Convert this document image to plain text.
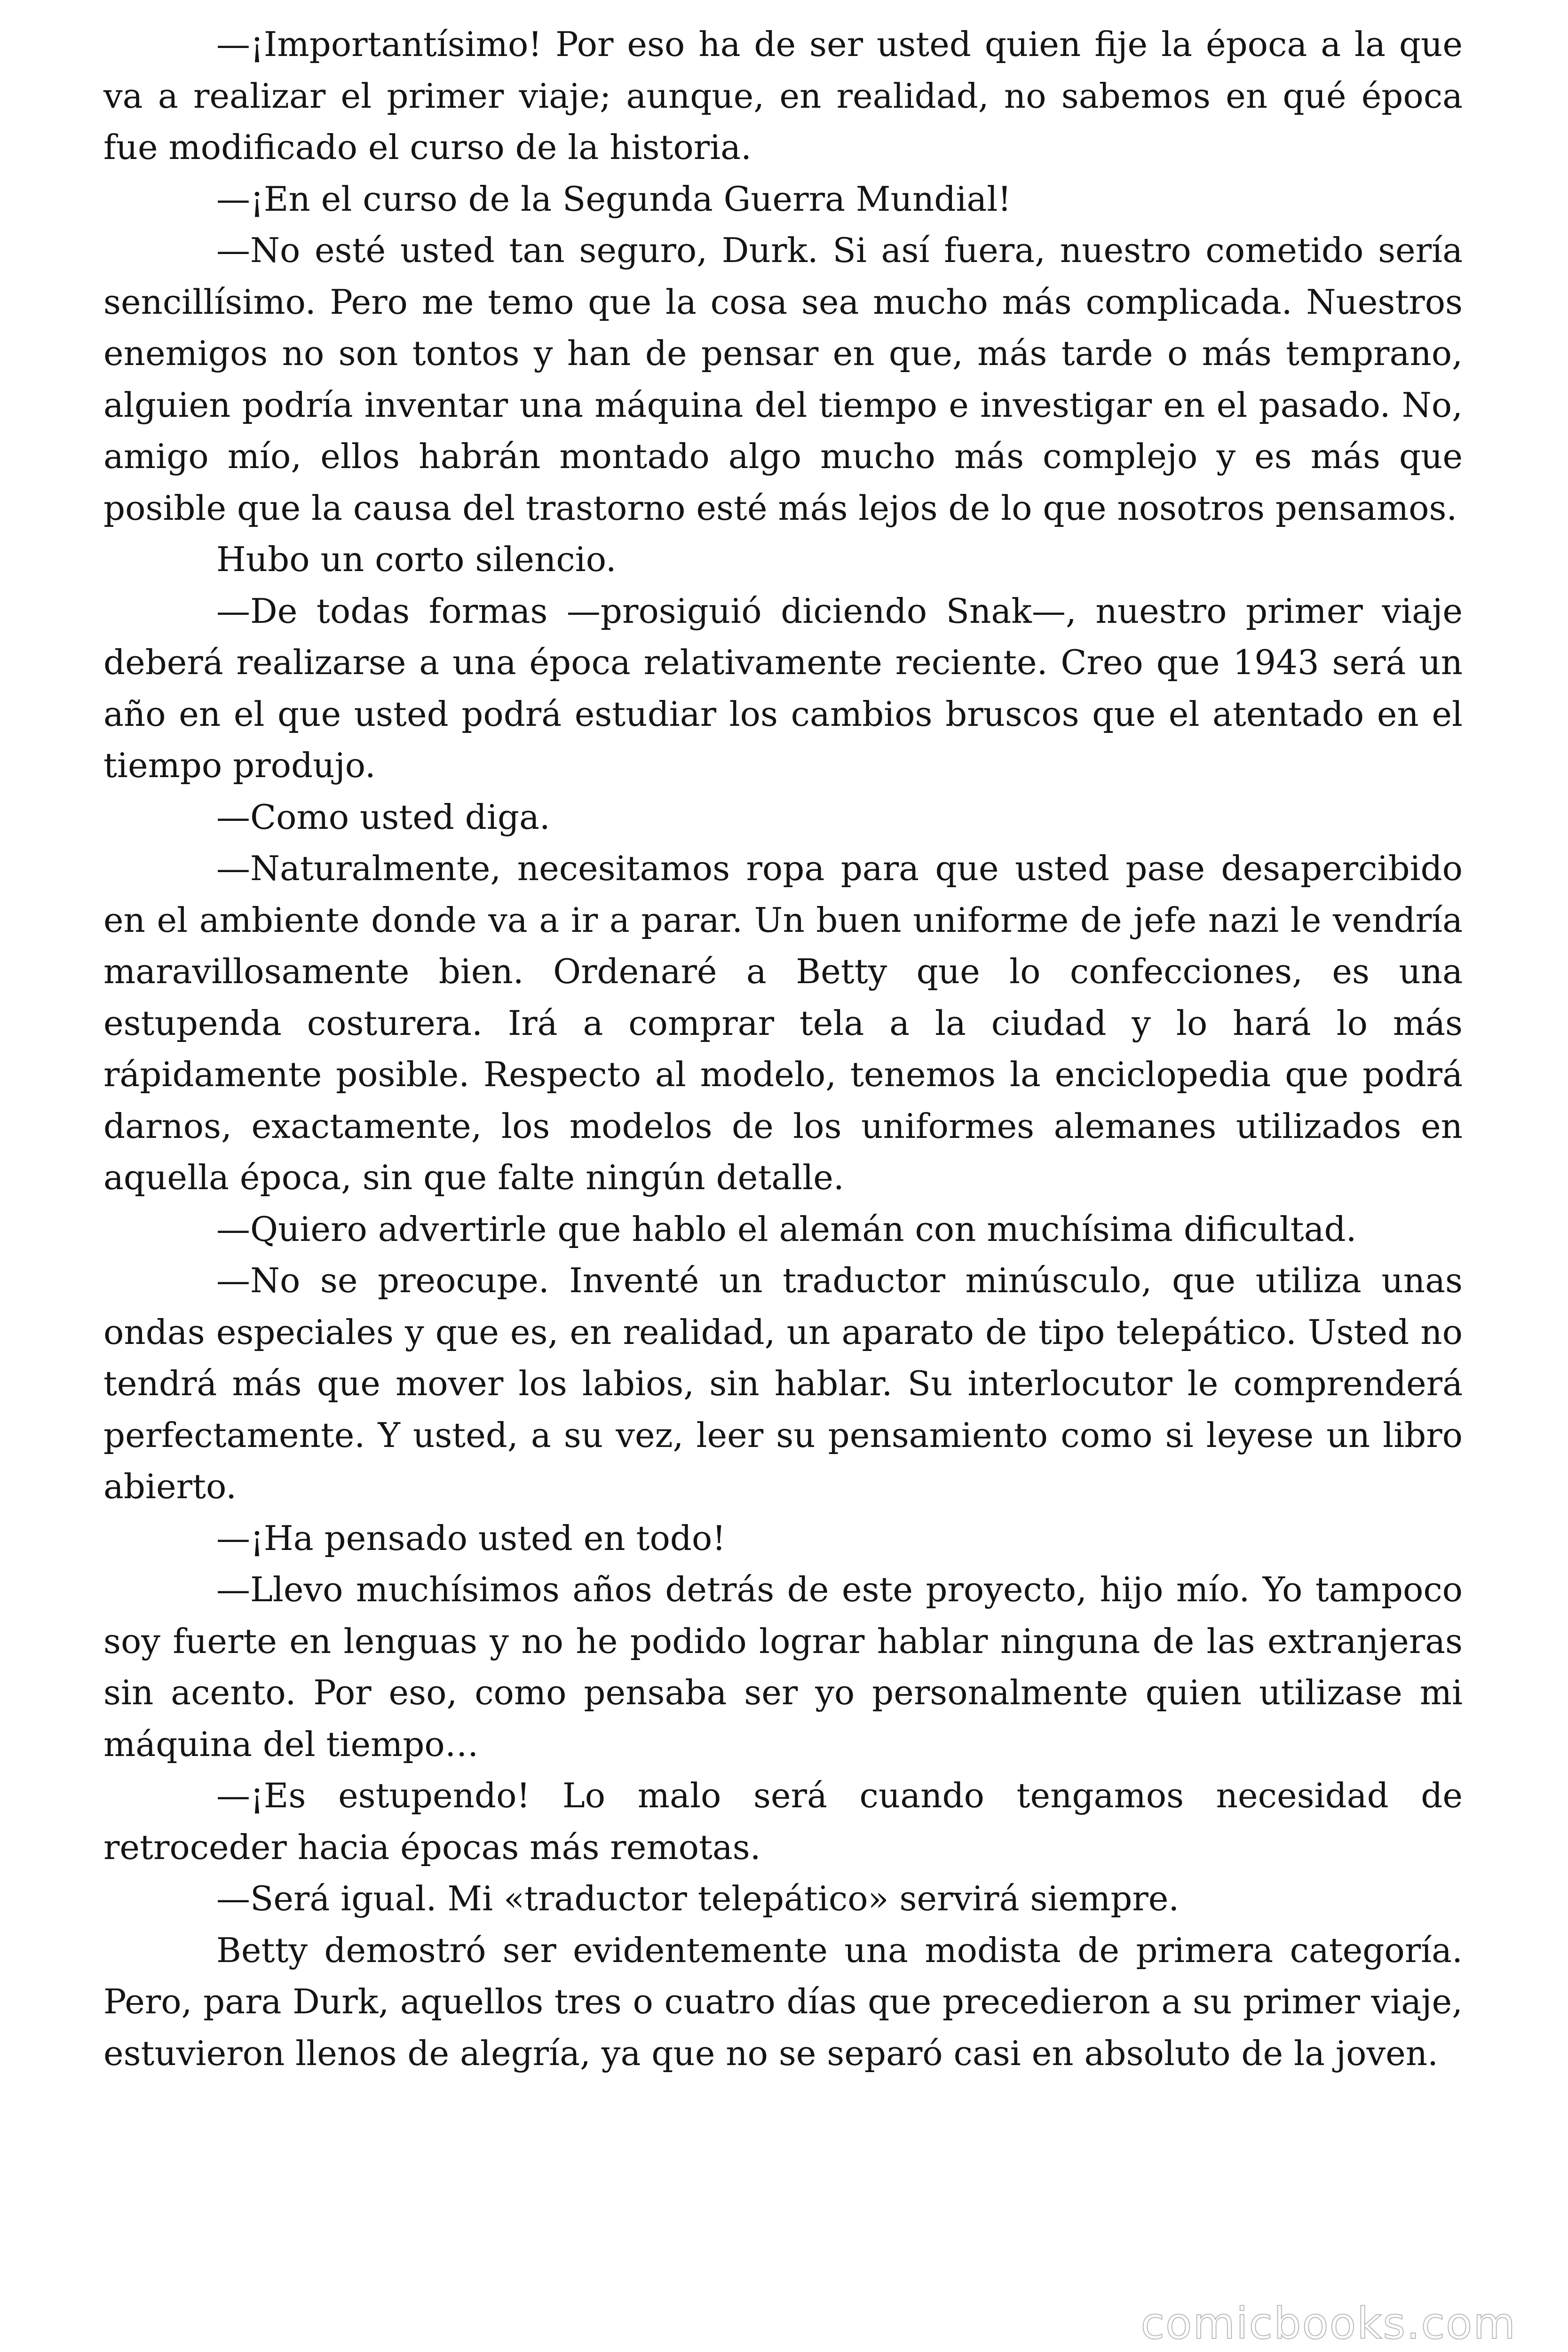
—¡Importantísimo! Por eso ha de ser usted quien fije la época a la que va a realizar el primer viaje; aunque, en realidad, no sabemos en qué época fue modificado el curso de la historia.

—¡En el curso de la Segunda Guerra Mundial!

—No esté usted tan seguro, Durk. Si así fuera, nuestro cometido sería sencillísimo. Pero me temo que la cosa sea mucho más complicada. Nuestros enemigos no son tontos y han de pensar en que, más tarde o más temprano, alguien podría inventar una máquina del tiempo e investigar en el pasado. No, amigo mío, ellos habrán montado algo mucho más complejo y es más que posible que la causa del trastorno esté más lejos de lo que nosotros pensamos.

Hubo un corto silencio.

—De todas formas —prosiguió diciendo Snak—, nuestro primer viaje deberá realizarse a una época relativamente reciente. Creo que 1943 será un año en el que usted podrá estudiar los cambios bruscos que el atentado en el tiempo produjo.

—Como usted diga.

—Naturalmente, necesitamos ropa para que usted pase desapercibido en el ambiente donde va a ir a parar. Un buen uniforme de jefe nazi le vendría maravillosamente bien. Ordenaré a Betty que lo confecciones, es una estupenda costurera. Irá a comprar tela a la ciudad y lo hará lo más rápidamente posible. Respecto al modelo, tenemos la enciclopedia que podrá darnos, exactamente, los modelos de los uniformes alemanes utilizados en aquella época, sin que falte ningún detalle.

—Quiero advertirle que hablo el alemán con muchísima dificultad.

—No se preocupe. Inventé un traductor minúsculo, que utiliza unas ondas especiales y que es, en realidad, un aparato de tipo telepático. Usted no tendrá más que mover los labios, sin hablar. Su interlocutor le comprenderá perfectamente. Y usted, a su vez, leer su pensamiento como si leyese un libro abierto.

—¡Ha pensado usted en todo!

—Llevo muchísimos años detrás de este proyecto, hijo mío. Yo tampoco soy fuerte en lenguas y no he podido lograr hablar ninguna de las extranjeras sin acento. Por eso, como pensaba ser yo personalmente quien utilizase mi máquina del tiempo…

—¡Es estupendo! Lo malo será cuando tengamos necesidad de retroceder hacia épocas más remotas.

—Será igual. Mi «traductor telepático» servirá siempre.

Betty demostró ser evidentemente una modista de primera categoría. Pero, para Durk, aquellos tres o cuatro días que precedieron a su primer viaje, estuvieron llenos de alegría, ya que no se separó casi en absoluto de la joven.

comicbooks.com
